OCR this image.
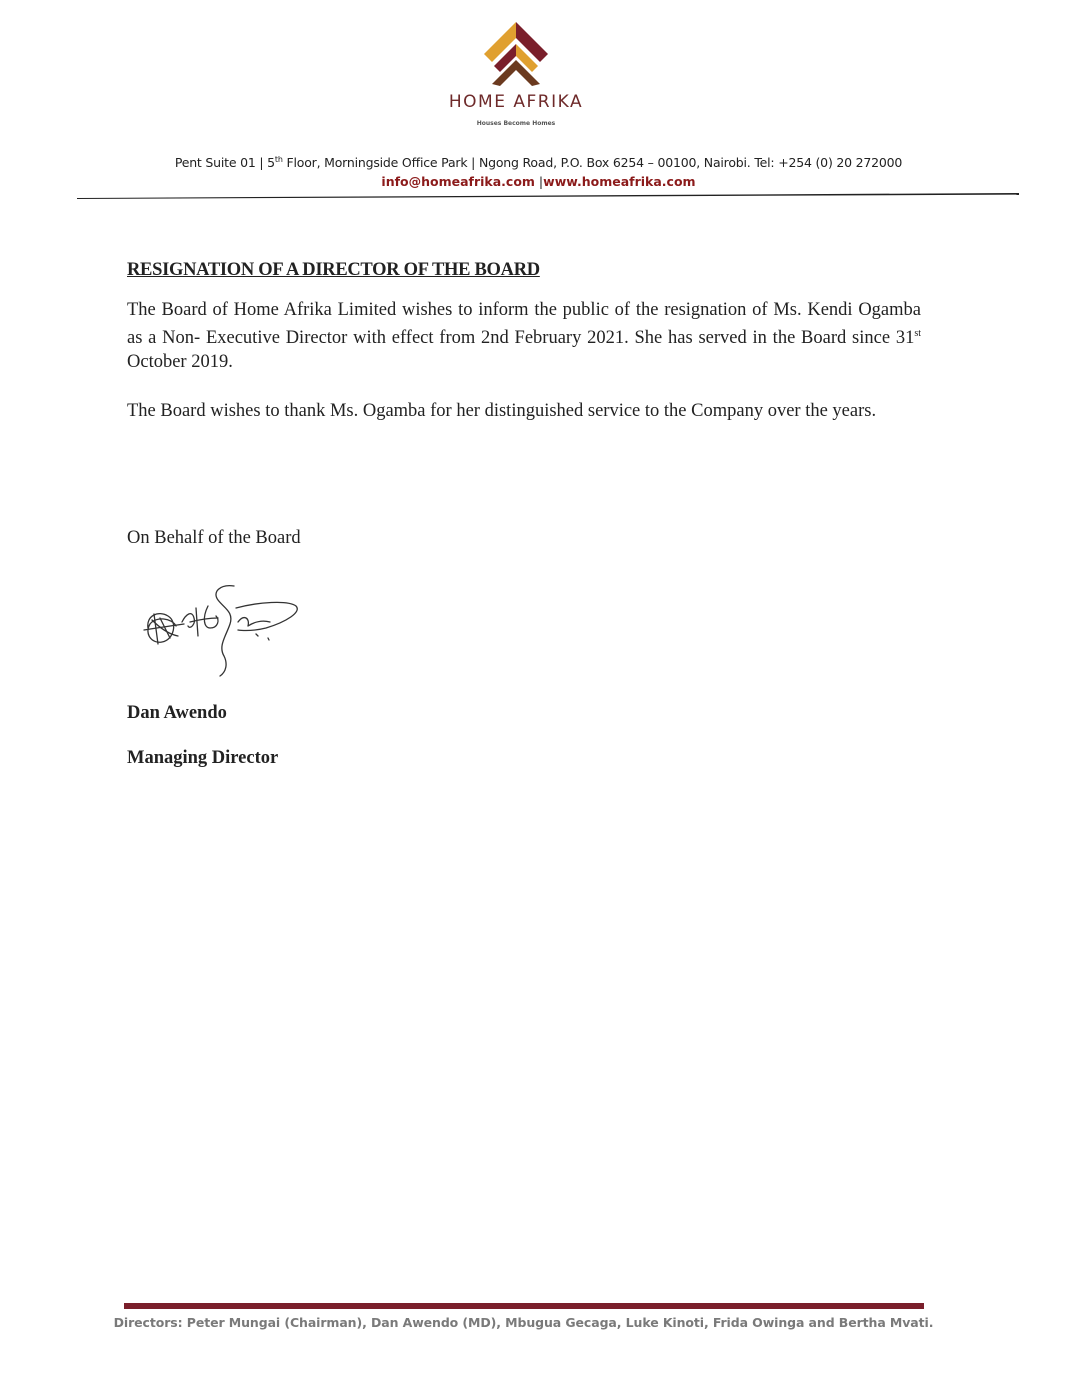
HOME AFRIKA
Houses Become Homes
Pent Suite 01 | 5th Floor, Morningside Office Park | Ngong Road, P.O. Box 6254 – 00100, Nairobi. Tel: +254 (0) 20 272000
info@homeafrika.com |www.homeafrika.com
RESIGNATION OF A DIRECTOR OF THE BOARD

The Board of Home Afrika Limited wishes to inform the public of the resignation of Ms. Kendi Ogamba as a Non- Executive Director with effect from 2nd February 2021. She has served in the Board since 31st October 2019.

The Board wishes to thank Ms. Ogamba for her distinguished service to the Company over the years.

On Behalf of the Board
Dan Awendo
Managing Director
Directors: Peter Mungai (Chairman), Dan Awendo (MD), Mbugua Gecaga, Luke Kinoti, Frida Owinga and Bertha Mvati.
